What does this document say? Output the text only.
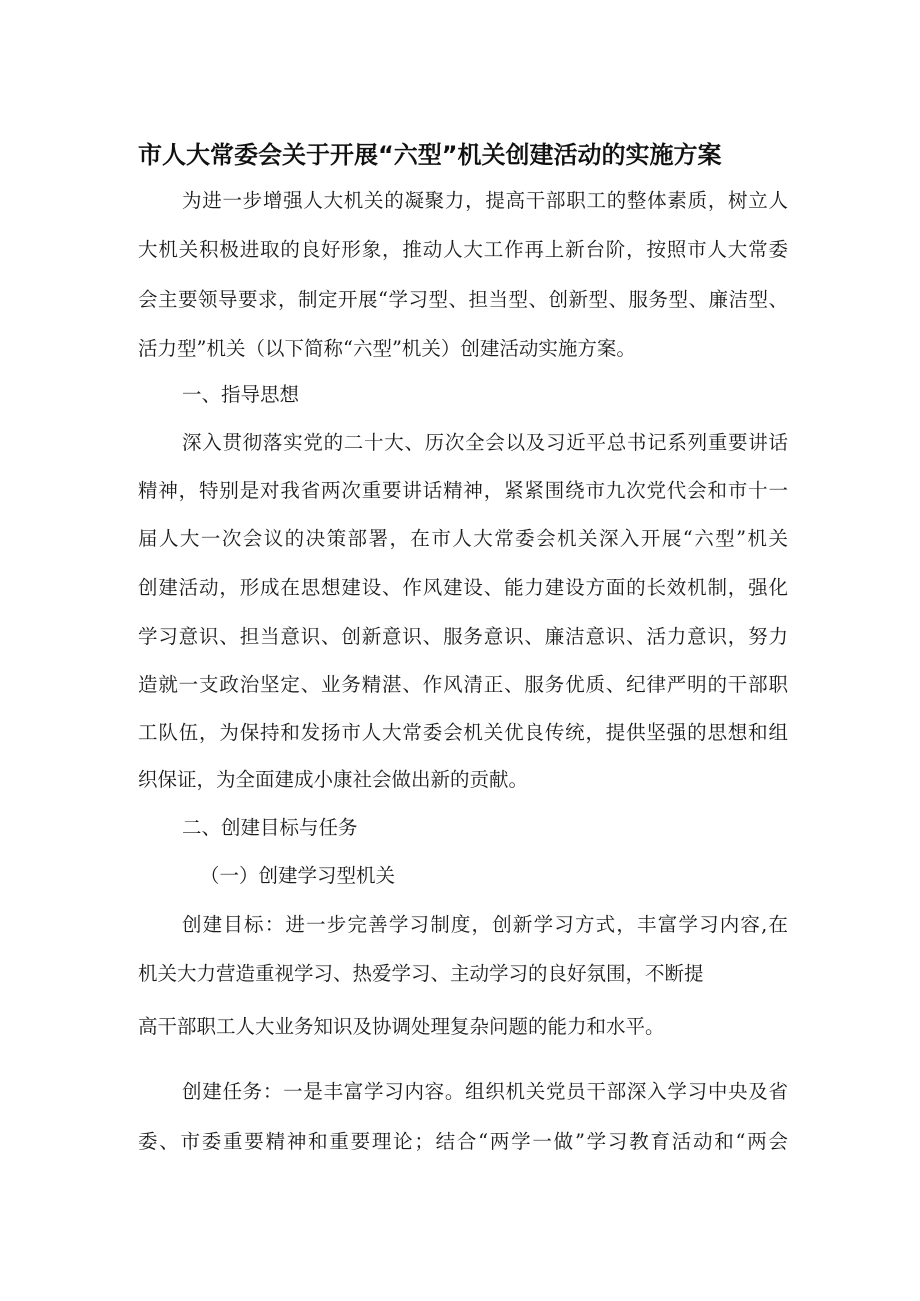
市人大常委会关于开展“六型”机关创建活动的实施方案
为进一步增强人大机关的凝聚力，提高干部职工的整体素质，树立人
大机关积极进取的良好形象，推动人大工作再上新台阶，按照市人大常委
会主要领导要求，制定开展“学习型、担当型、创新型、服务型、廉洁型、
活力型”机关（以下简称“六型”机关）创建活动实施方案。
一、指导思想
深入贯彻落实党的二十大、历次全会以及习近平总书记系列重要讲话
精神，特别是对我省两次重要讲话精神，紧紧围绕市九次党代会和市十一
届人大一次会议的决策部署，在市人大常委会机关深入开展“六型”机关
创建活动，形成在思想建设、作风建设、能力建设方面的长效机制，强化
学习意识、担当意识、创新意识、服务意识、廉洁意识、活力意识，努力
造就一支政治坚定、业务精湛、作风清正、服务优质、纪律严明的干部职
工队伍，为保持和发扬市人大常委会机关优良传统，提供坚强的思想和组
织保证，为全面建成小康社会做出新的贡献。
二、创建目标与任务
（一）创建学习型机关
创建目标：进一步完善学习制度，创新学习方式，丰富学习内容,在
机关大力营造重视学习、热爱学习、主动学习的良好氛围，不断提
高干部职工人大业务知识及协调处理复杂问题的能力和水平。
创建任务：一是丰富学习内容。组织机关党员干部深入学习中央及省
委、市委重要精神和重要理论；结合“两学一做”学习教育活动和“两会
